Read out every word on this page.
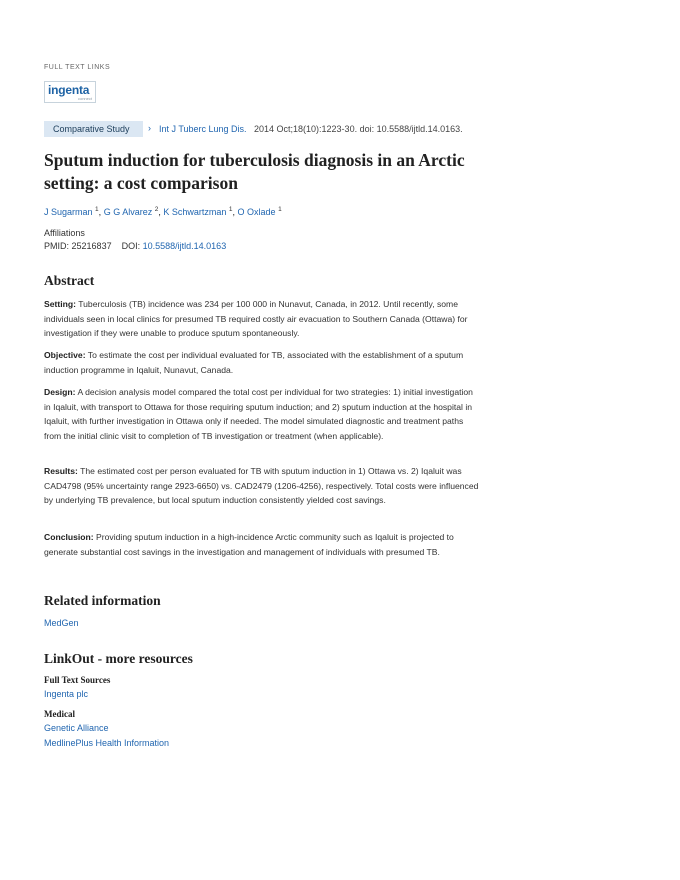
FULL TEXT LINKS
ingenta
connect
Comparative Study	› Int J Tuberc Lung Dis. 2014 Oct;18(10):1223-30. doi: 10.5588/ijtld.14.0163.
Sputum induction for tuberculosis diagnosis in an Arctic setting: a cost comparison
J Sugarman $^1$, G G Alvarez $^2$, K Schwartzman $^1$, O Oxlade $^1$
Affiliations
PMID: 25216837 DOI: 10.5588/ijtld.14.0163
Abstract

Setting: Tuberculosis (TB) incidence was 234 per 100 000 in Nunavut, Canada, in 2012. Until recently, some individuals seen in local clinics for presumed TB required costly air evacuation to Southern Canada (Ottawa) for investigation if they were unable to produce sputum spontaneously.

Objective: To estimate the cost per individual evaluated for TB, associated with the establishment of a sputum induction programme in Iqaluit, Nunavut, Canada.

Design: A decision analysis model compared the total cost per individual for two strategies: 1) initial investigation in Iqaluit, with transport to Ottawa for those requiring sputum induction; and 2) sputum induction at the hospital in Iqaluit, with further investigation in Ottawa only if needed. The model simulated diagnostic and treatment paths from the initial clinic visit to completion of TB investigation or treatment (when applicable).

Results: The estimated cost per person evaluated for TB with sputum induction in 1) Ottawa vs. 2) Iqaluit was CAD4798 (95% uncertainty range 2923-6650) vs. CAD2479 (1206-4256), respectively. Total costs were influenced by underlying TB prevalence, but local sputum induction consistently yielded cost savings.

Conclusion: Providing sputum induction in a high-incidence Arctic community such as Iqaluit is projected to generate substantial cost savings in the investigation and management of individuals with presumed TB.

Related information
MedGen
LinkOut - more resources
Full Text Sources
Ingenta plc
Medical
Genetic Alliance
MedlinePlus Health Information
